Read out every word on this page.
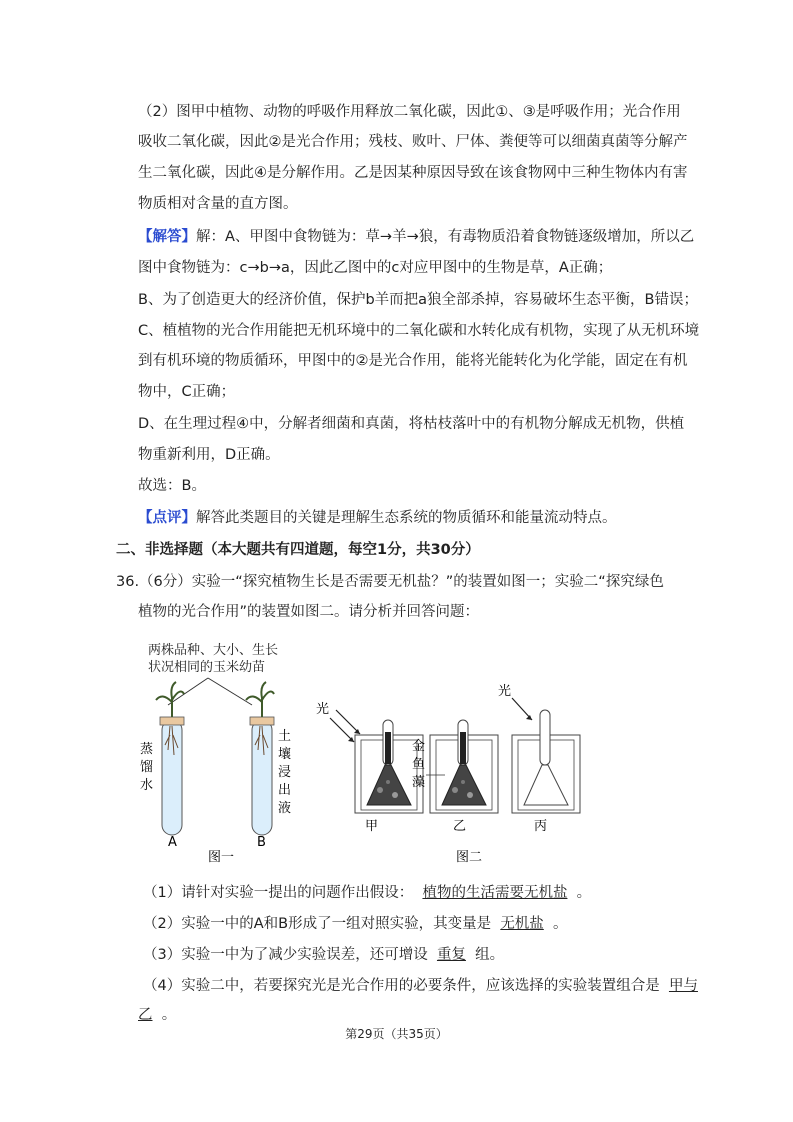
（2）图甲中植物、动物的呼吸作用释放二氧化碳，因此①、③是呼吸作用；光合作用
吸收二氧化碳，因此②是光合作用；残枝、败叶、尸体、粪便等可以细菌真菌等分解产
生二氧化碳，因此④是分解作用。乙是因某种原因导致在该食物网中三种生物体内有害
物质相对含量的直方图。
【解答】解：A、甲图中食物链为：草→羊→狼，有毒物质沿着食物链逐级增加，所以乙
图中食物链为：c→b→a，因此乙图中的c对应甲图中的生物是草，A正确；
B、为了创造更大的经济价值，保护b羊而把a狼全部杀掉，容易破坏生态平衡，B错误；
C、植植物的光合作用能把无机环境中的二氧化碳和水转化成有机物，实现了从无机环境
到有机环境的物质循环，甲图中的②是光合作用，能将光能转化为化学能，固定在有机
物中，C正确；
D、在生理过程④中，分解者细菌和真菌，将枯枝落叶中的有机物分解成无机物，供植
物重新利用，D正确。
故选：B。
【点评】解答此类题目的关键是理解生态系统的物质循环和能量流动特点。
二、非选择题（本大题共有四道题，每空1分，共30分）
36.（6分）实验一“探究植物生长是否需要无机盐？”的装置如图一；实验二“探究绿色
植物的光合作用”的装置如图二。请分析并回答问题：
两株品种、大小、生长
状况相同的玉米幼苗
蒸
馏
水
土
壤
浸
出
液
A	B
图一
光
金
鱼
藻
光
甲	乙	丙
图二
（1）请针对实验一提出的问题作出假设： 植物的生活需要无机盐 。
（2）实验一中的A和B形成了一组对照实验，其变量是 无机盐 。
（3）实验一中为了减少实验误差，还可增设 重复 组。
（4）实验二中，若要探究光是光合作用的必要条件，应该选择的实验装置组合是 甲与
乙 。
第29页（共35页）
